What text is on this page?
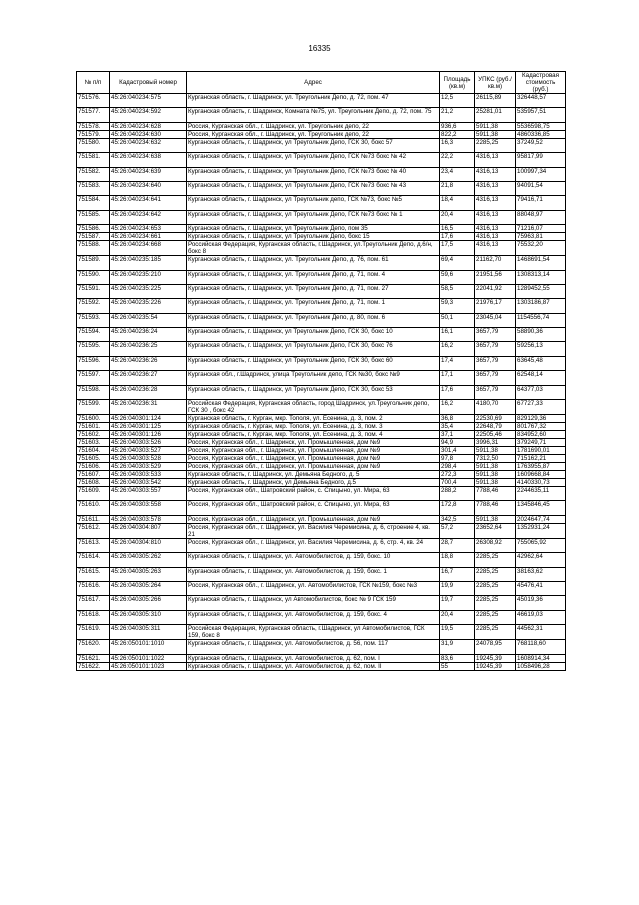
16335
№ п/п	Кадастровый номер	Адрес	Площадь (кв.м)	УПКС (руб./кв.м)	Кадастровая стоимость (руб.)
751576.	45:26:040234:575	Курганская область, г. Шадринск, ул. Треугольник Депо, д. 72, пом. 47	12,5	26115,89	326448,57
751577.	45:26:040234:592	Курганская область, г. Шадринск, Комната №75, ул. Треугольник Депо, д. 72, пом. 75	21,2	25281,01	535957,51
751578.	45:26:040234:628	Россия, Курганская обл., г. Шадринск, ул. Треугольник депо, 22	936,6	5911,38	5536598,75
751579.	45:26:040234:630	Россия, Курганская обл., г. Шадринск, ул. Треугольник депо, 22	822,2	5911,38	4860336,85
751580.	45:26:040234:632	Курганская область, г. Шадринск, ул Треугольник Депо, ГСК 30, бокс 57	16,3	2285,25	37249,52
751581.	45:26:040234:638	Курганская область, г. Шадринск, ул Треугольник Депо, ГСК №73 бокс № 42	22,2	4316,13	95817,99
751582.	45:26:040234:639	Курганская область, г. Шадринск, ул Треугольник Депо, ГСК №73 бокс № 40	23,4	4316,13	100997,34
751583.	45:26:040234:640	Курганская область, г. Шадринск, ул Треугольник Депо, ГСК №73 бокс № 43	21,8	4316,13	94091,54
751584.	45:26:040234:641	Курганская область, г. Шадринск, ул Треугольник депо, ГСК №73, бокс №5	18,4	4316,13	79416,71
751585.	45:26:040234:642	Курганская область, г. Шадринск, ул Треугольник Депо, ГСК №73 бокс № 1	20,4	4316,13	88048,97
751586.	45:26:040234:653	Курганская область, г. Шадринск, ул Треугольник Депо, пом 35	16,5	4316,13	71216,07
751587.	45:26:040234:661	Курганская область, г. Шадринск, ул Треугольник Депо, бокс 15	17,6	4316,13	75963,81
751588.	45:26:040234:668	Российская Федерация, Курганская область, г.Шадринск, ул.Треугольник Депо, д.6/н, бокс 8	17,5	4316,13	75532,20
751589.	45:26:040235:185	Курганская область, г. Шадринск, ул. Треугольник Депо, д. 76, пом. 61	69,4	21162,70	1468691,54
751590.	45:26:040235:210	Курганская область, г. Шадринск, ул. Треугольник Депо, д. 71, пом. 4	59,6	21951,56	1308313,14
751591.	45:26:040235:225	Курганская область, г. Шадринск, ул. Треугольник Депо, д. 71, пом. 27	58,5	22041,92	1289452,55
751592.	45:26:040235:226	Курганская область, г. Шадринск, ул. Треугольник Депо, д. 71, пом. 1	59,3	21976,17	1303186,87
751593.	45:26:040235:54	Курганская область, г. Шадринск, ул. Треугольник Депо, д. 80, пом. 6	50,1	23045,04	1154556,74
751594.	45:26:040236:24	Курганская область, г. Шадринск, ул Треугольник Депо, ГСК 30, бокс 10	16,1	3657,79	58890,36
751595.	45:26:040236:25	Курганская область, г. Шадринск, ул Треугольник Депо, ГСК 30, бокс 76	16,2	3657,79	59256,13
751596.	45:26:040236:26	Курганская область, г. Шадринск, ул Треугольник Депо, ГСК 30, бокс 60	17,4	3657,79	63645,48
751597.	45:26:040236:27	Курганская обл., г.Шадринск, улица Треугольник депо, ГСК №30, бокс №9	17,1	3657,79	62548,14
751598.	45:26:040236:28	Курганская область, г. Шадринск, ул Треугольник Депо, ГСК 30, бокс 53	17,6	3657,79	64377,03
751599.	45:26:040236:31	Российская Федерация, Курганская область, город Шадринск, ул.Треугольник депо, ГСК 30 , бокс 42	16,2	4180,70	67727,33
751600.	45:26:040301:124	Курганская область, г. Курган, мкр. Тополя, ул. Есенина, д. 3, пом. 2	36,8	22530,69	829129,36
751601.	45:26:040301:125	Курганская область, г. Курган, мкр. Тополя, ул. Есенина, д. 3, пом. 3	35,4	22648,79	801767,32
751602.	45:26:040301:126	Курганская область, г. Курган, мкр. Тополя, ул. Есенина, д. 3, пом. 4	37,1	22505,46	834952,60
751603.	45:26:040303:526	Россия, Курганская обл., г. Шадринск, ул. Промышленная, дом №9	94,9	3996,31	379249,71
751604.	45:26:040303:527	Россия, Курганская обл., г. Шадринск, ул. Промышленная, дом №9	301,4	5911,38	1781690,01
751605.	45:26:040303:528	Россия, Курганская обл., г. Шадринск, ул. Промышленная, дом №9	97,8	7312,50	715162,21
751606.	45:26:040303:529	Россия, Курганская обл., г. Шадринск, ул. Промышленная, дом №9	298,4	5911,38	1763955,87
751607.	45:26:040303:533	Курганская область, г. Шадринск, ул. Демьяна Бедного, д. 5	272,3	5911,38	1609668,84
751608.	45:26:040303:542	Курганская область, г. Шадринск, ул Демьяна Бедного, д.5	700,4	5911,38	4140330,73
751609.	45:26:040303:557	Россия, Курганская обл., Шатровский район, с. Спицыно, ул. Мира, 63	288,2	7788,46	2244635,11
751610.	45:26:040303:558	Россия, Курганская обл., Шатровский район, с. Спицыно, ул. Мира, 63	172,8	7788,46	1345846,45
751611.	45:26:040303:578	Россия, Курганская обл., г. Шадринск, ул. Промышленная, дом №9	342,5	5911,38	2024647,74
751612.	45:26:040304:807	Россия, Курганская обл., г. Шадринск, ул. Василия Черемисина, д. 6, строение 4, кв. 21	57,2	23652,64	1352931,24
751613.	45:26:040304:810	Россия, Курганская обл., г. Шадринск, ул. Василия Черемисина, д. 6, стр. 4, кв. 24	28,7	26308,92	755065,92
751614.	45:26:040305:262	Курганская область, г. Шадринск, ул. Автомобилистов, д. 159, бокс. 10	18,8	2285,25	42962,64
751615.	45:26:040305:263	Курганская область, г. Шадринск, ул. Автомобилистов, д. 159, бокс. 1	16,7	2285,25	38163,62
751616.	45:26:040305:264	Россия, Курганская обл., г. Шадринск, ул. Автомобилистов, ГСК №159, бокс №3	19,9	2285,25	45476,41
751617.	45:26:040305:266	Курганская область, г. Шадринск, ул Автомобилистов, бокс № 9 ГСК 159	19,7	2285,25	45019,36
751618.	45:26:040305:310	Курганская область, г. Шадринск, ул. Автомобилистов, д. 159, бокс. 4	20,4	2285,25	46619,03
751619.	45:26:040305:311	Российская Федерация, Курганская область, г.Шадринск, ул Автомобилистов, ГСК 159, бокс 8	19,5	2285,25	44562,31
751620.	45:26:050101:1010	Курганская область, г. Шадринск, ул. Автомобилистов, д. 56, пом. 117	31,9	24078,95	768118,60
751621.	45:26:050101:1022	Курганская область, г. Шадринск, ул. Автомобилистов, д. 62, пом. I	83,6	19245,39	1608914,34
751622.	45:26:050101:1023	Курганская область, г. Шадринск, ул. Автомобилистов, д. 62, пом. II	55	19245,39	1058496,28
